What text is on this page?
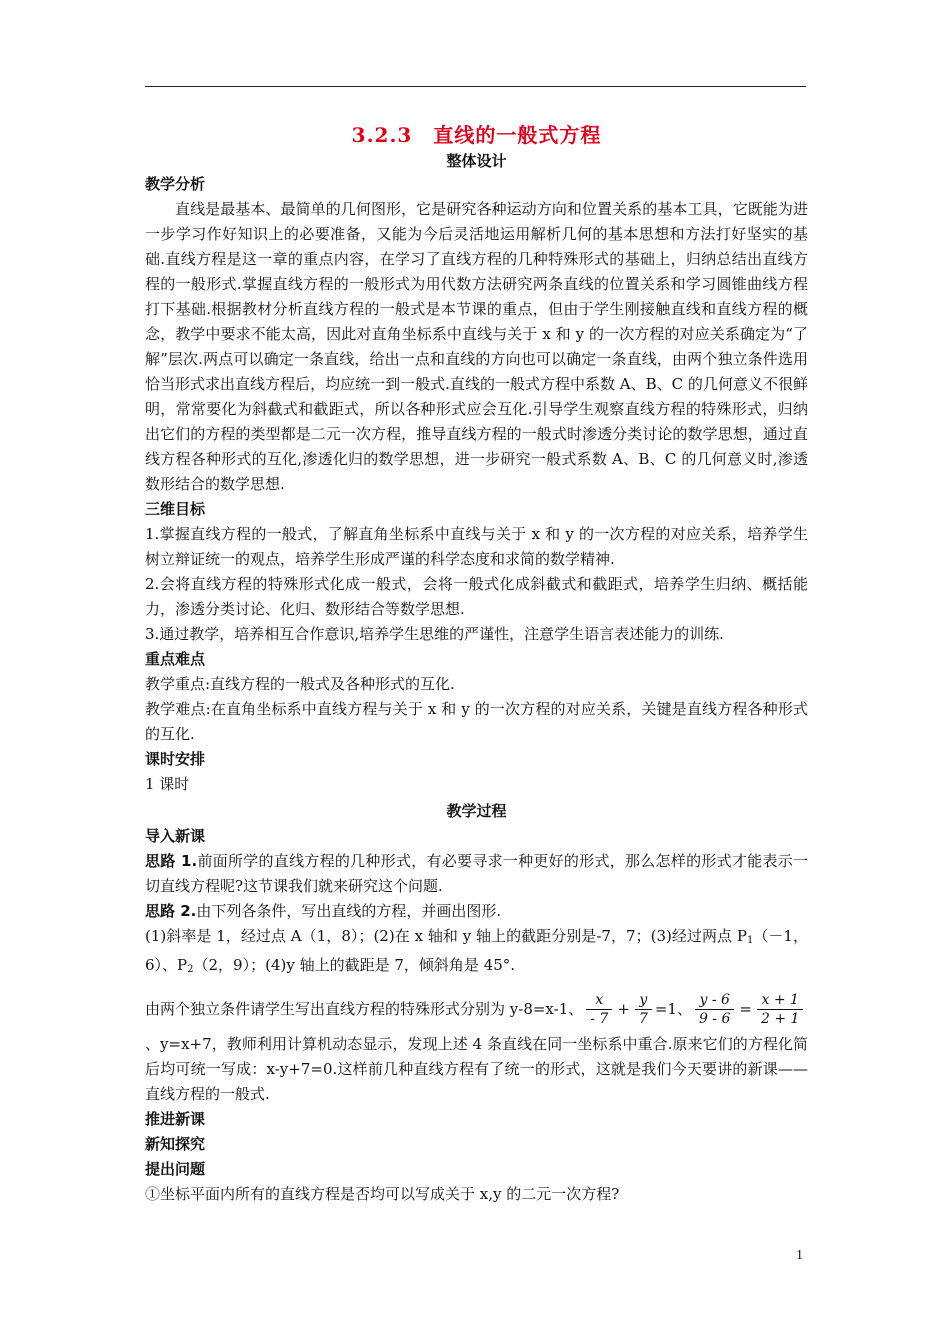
3.2.3　直线的一般式方程
整体设计
教学分析

直线是最基本、最简单的几何图形，它是研究各种运动方向和位置关系的基本工具，它既能为进一步学习作好知识上的必要准备，又能为今后灵活地运用解析几何的基本思想和方法打好坚实的基础.直线方程是这一章的重点内容，在学习了直线方程的几种特殊形式的基础上，归纳总结出直线方程的一般形式.掌握直线方程的一般形式为用代数方法研究两条直线的位置关系和学习圆锥曲线方程打下基础.根据教材分析直线方程的一般式是本节课的重点，但由于学生刚接触直线和直线方程的概念，教学中要求不能太高，因此对直角坐标系中直线与关于 x 和 y 的一次方程的对应关系确定为“了解”层次.两点可以确定一条直线，给出一点和直线的方向也可以确定一条直线，由两个独立条件选用恰当形式求出直线方程后，均应统一到一般式.直线的一般式方程中系数 A、B、C 的几何意义不很鲜明，常常要化为斜截式和截距式，所以各种形式应会互化.引导学生观察直线方程的特殊形式，归纳出它们的方程的类型都是二元一次方程，推导直线方程的一般式时渗透分类讨论的数学思想，通过直线方程各种形式的互化,渗透化归的数学思想，进一步研究一般式系数 A、B、C 的几何意义时,渗透数形结合的数学思想.

三维目标

1.掌握直线方程的一般式，了解直角坐标系中直线与关于 x 和 y 的一次方程的对应关系，培养学生树立辩证统一的观点，培养学生形成严谨的科学态度和求简的数学精神.

2.会将直线方程的特殊形式化成一般式，会将一般式化成斜截式和截距式，培养学生归纳、概括能力，渗透分类讨论、化归、数形结合等数学思想.

3.通过教学，培养相互合作意识,培养学生思维的严谨性，注意学生语言表述能力的训练.

重点难点

教学重点:直线方程的一般式及各种形式的互化.

教学难点:在直角坐标系中直线方程与关于 x 和 y 的一次方程的对应关系，关键是直线方程各种形式的互化.

课时安排

1 课时

教学过程
导入新课

思路 1.前面所学的直线方程的几种形式，有必要寻求一种更好的形式，那么怎样的形式才能表示一切直线方程呢?这节课我们就来研究这个问题.

思路 2.由下列各条件，写出直线的方程，并画出图形.

(1)斜率是 1，经过点 A（1，8）；(2)在 x 轴和 y 轴上的截距分别是-7，7；(3)经过两点 $P_1(-1$，6）、$P_2(2$，9）；(4)y 轴上的截距是 7，倾斜角是 45°.

由两个独立条件请学生写出直线方程的特殊形式分别为 y-8=x-1、 $\frac{x}{- 7} + \frac{y}{7} =1$、 $\frac{y - 6}{9 - 6} = \frac{x + 1}{2 + 1}$

、y=x+7，教师利用计算机动态显示，发现上述 4 条直线在同一坐标系中重合.原来它们的方程化简后均可统一写成：x-y+7=0.这样前几种直线方程有了统一的形式，这就是我们今天要讲的新课——直线方程的一般式.

推进新课
新知探究
提出问题

①坐标平面内所有的直线方程是否均可以写成关于 x,y 的二元一次方程?

1
